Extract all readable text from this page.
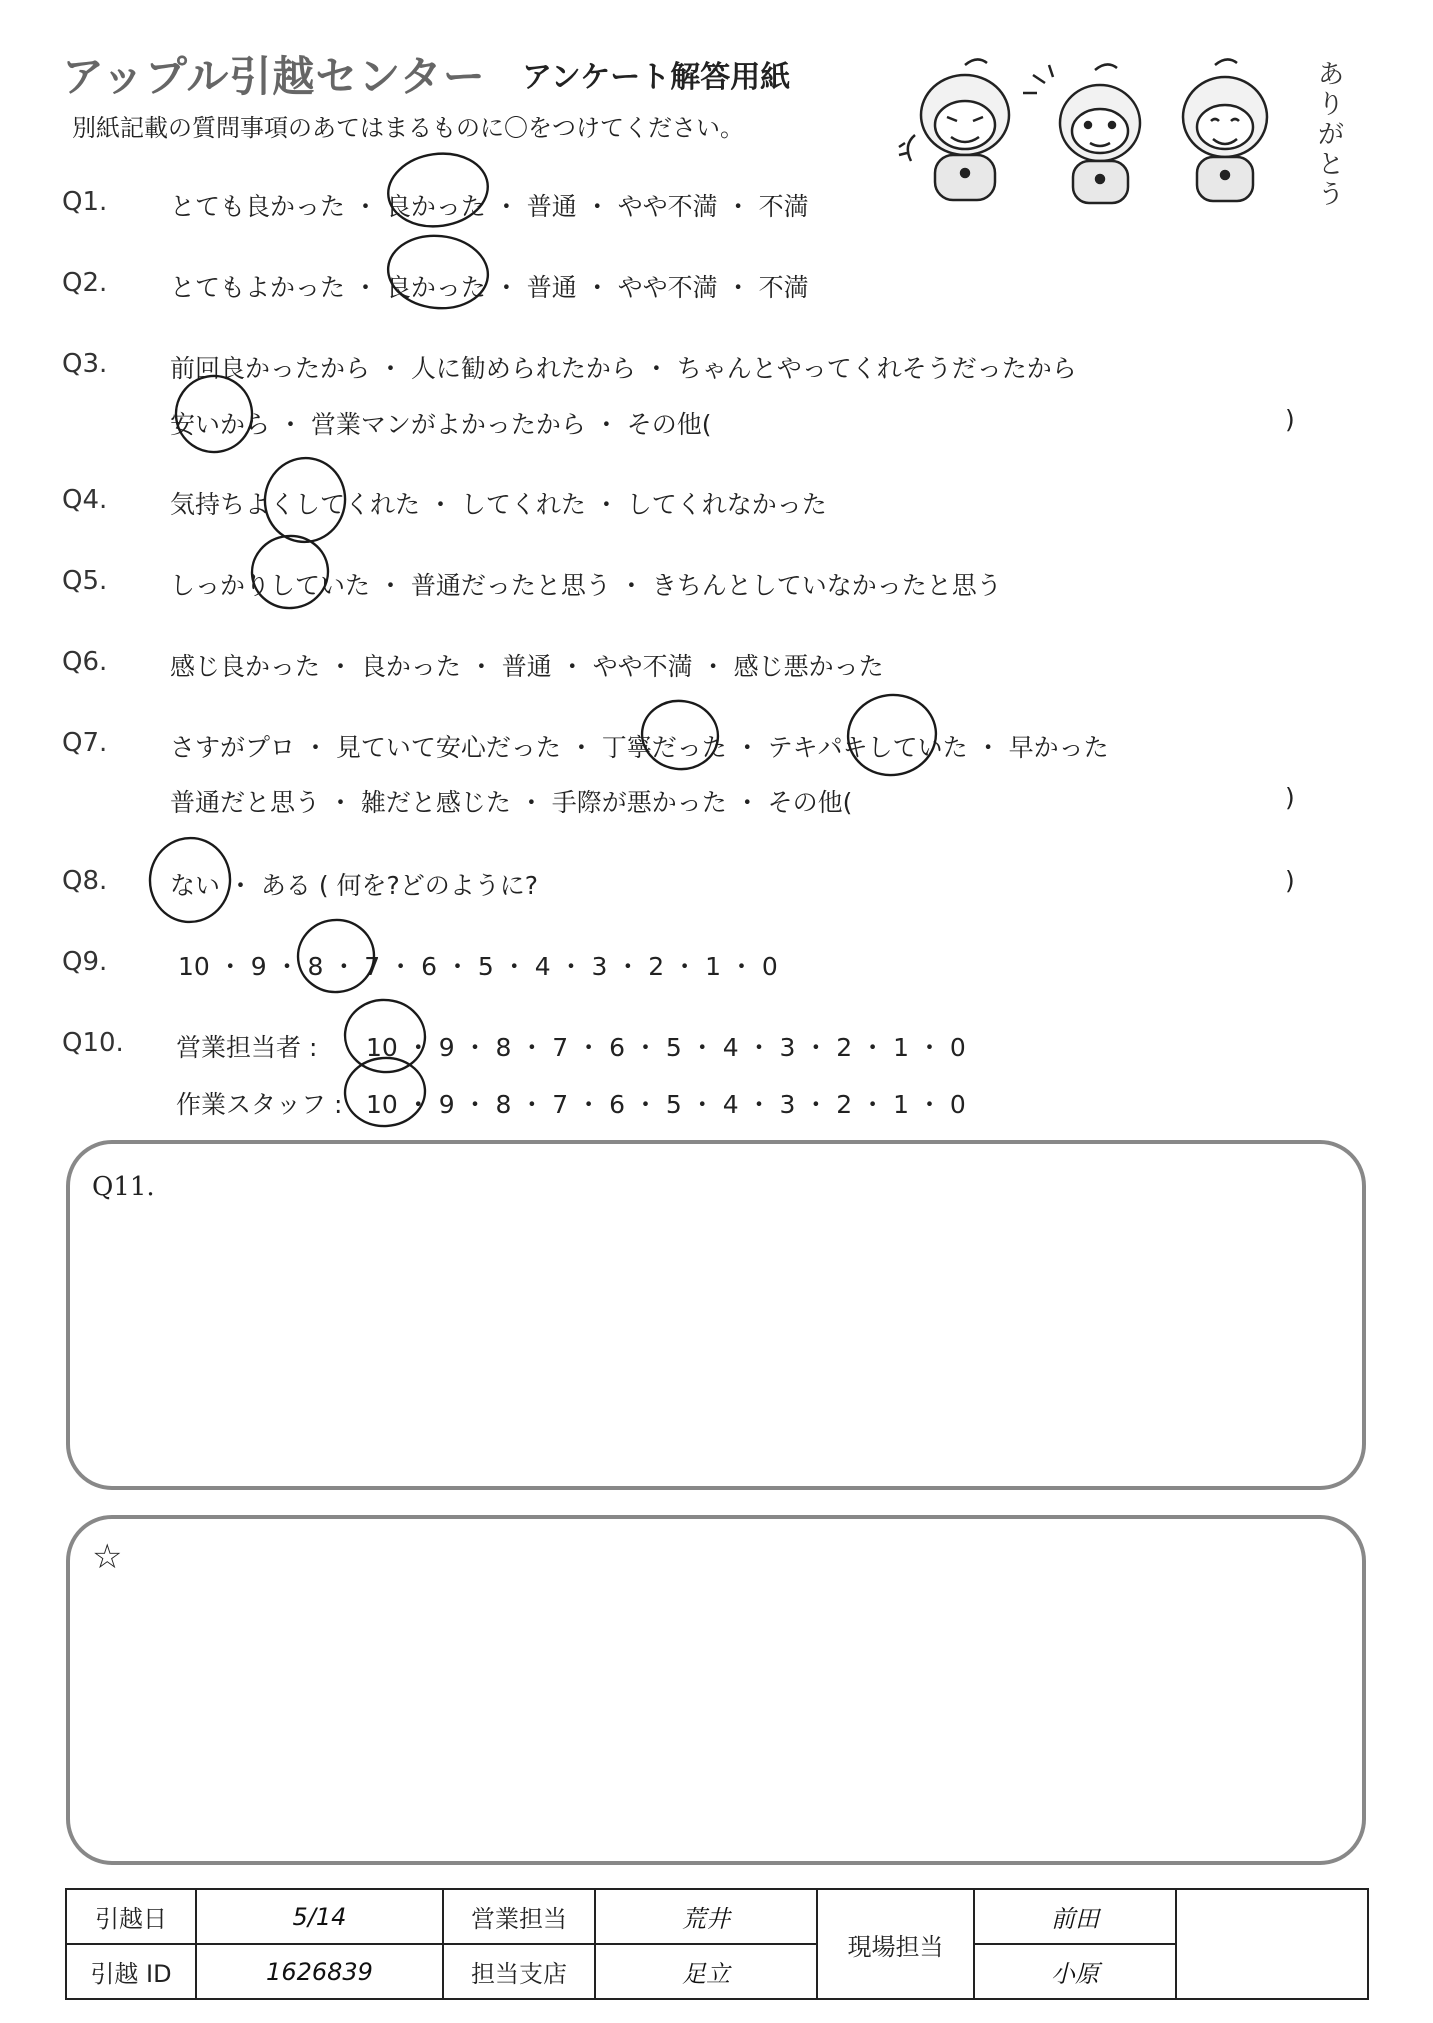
アップル引越センター アンケート解答用紙
別紙記載の質問事項のあてはまるものに〇をつけてください。
ありがとう
Q1.	とても良かった ・ 良かった ・ 普通 ・ やや不満 ・ 不満
Q2.	とてもよかった ・ 良かった ・ 普通 ・ やや不満 ・ 不満
Q3.	前回良かったから ・ 人に勧められたから ・ ちゃんとやってくれそうだったから
安いから ・ 営業マンがよかったから ・ その他(	)
Q4.	気持ちよくしてくれた ・ してくれた ・ してくれなかった
Q5.	しっかりしていた ・ 普通だったと思う ・ きちんとしていなかったと思う
Q6.	感じ良かった ・ 良かった ・ 普通 ・ やや不満 ・ 感じ悪かった
Q7.	さすがプロ ・ 見ていて安心だった ・ 丁寧だった ・ テキパキしていた ・ 早かった
普通だと思う ・ 雑だと感じた ・ 手際が悪かった ・ その他(	)
Q8.	ない ・ ある ( 何を?どのように?	)
Q9.	10 ・ 9 ・ 8 ・ 7 ・ 6 ・ 5 ・ 4 ・ 3 ・ 2 ・ 1 ・ 0
Q10. 営業担当者 : 10 ・ 9 ・ 8 ・ 7 ・ 6 ・ 5 ・ 4 ・ 3 ・ 2 ・ 1 ・ 0
作業スタッフ : 10 ・ 9 ・ 8 ・ 7 ・ 6 ・ 5 ・ 4 ・ 3 ・ 2 ・ 1 ・ 0
Q11.
☆
引越日	5/14	営業担当	荒井	現場担当	前田	
引越 ID	1626839	担当支店	足立		小原	
